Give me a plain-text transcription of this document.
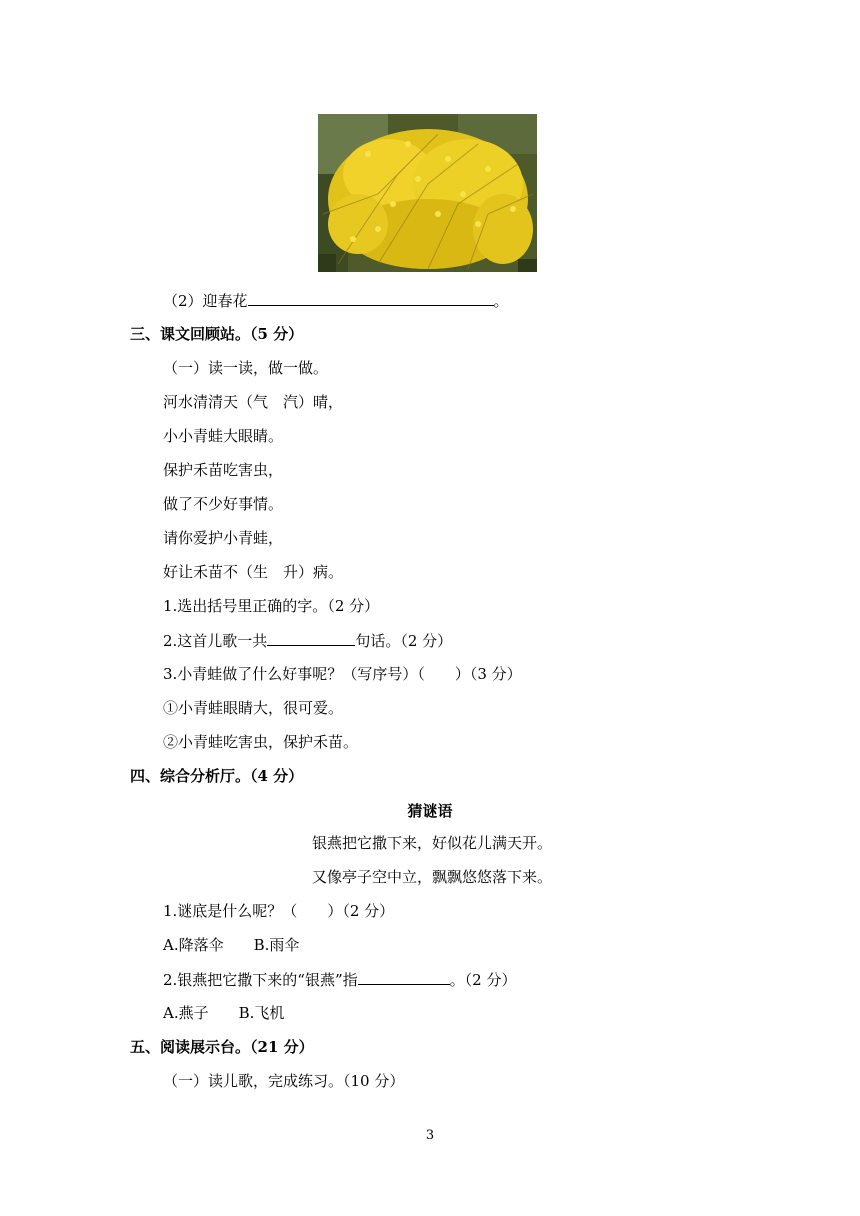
（2）迎春花	。
三、课文回顾站。（5 分）
（一）读一读，做一做。
河水清清天（气　汽）晴，
小小青蛙大眼睛。
保护禾苗吃害虫，
做了不少好事情。
请你爱护小青蛙，
好让禾苗不（生　升）病。
1.选出括号里正确的字。（2 分）
2.这首儿歌一共	句话。（2 分）
3.小青蛙做了什么好事呢？（写序号）（　　）（3 分）
①小青蛙眼睛大，很可爱。
②小青蛙吃害虫，保护禾苗。
四、综合分析厅。（4 分）
猜谜语
银燕把它撒下来，好似花儿满天开。
又像亭子空中立，飘飘悠悠落下来。
1.谜底是什么呢？（　　）（2 分）
A.降落伞　　B.雨伞
2.银燕把它撒下来的“银燕”指	。（2 分）
A.燕子　　B.飞机
五、阅读展示台。（21 分）
（一）读儿歌，完成练习。（10 分）
3
